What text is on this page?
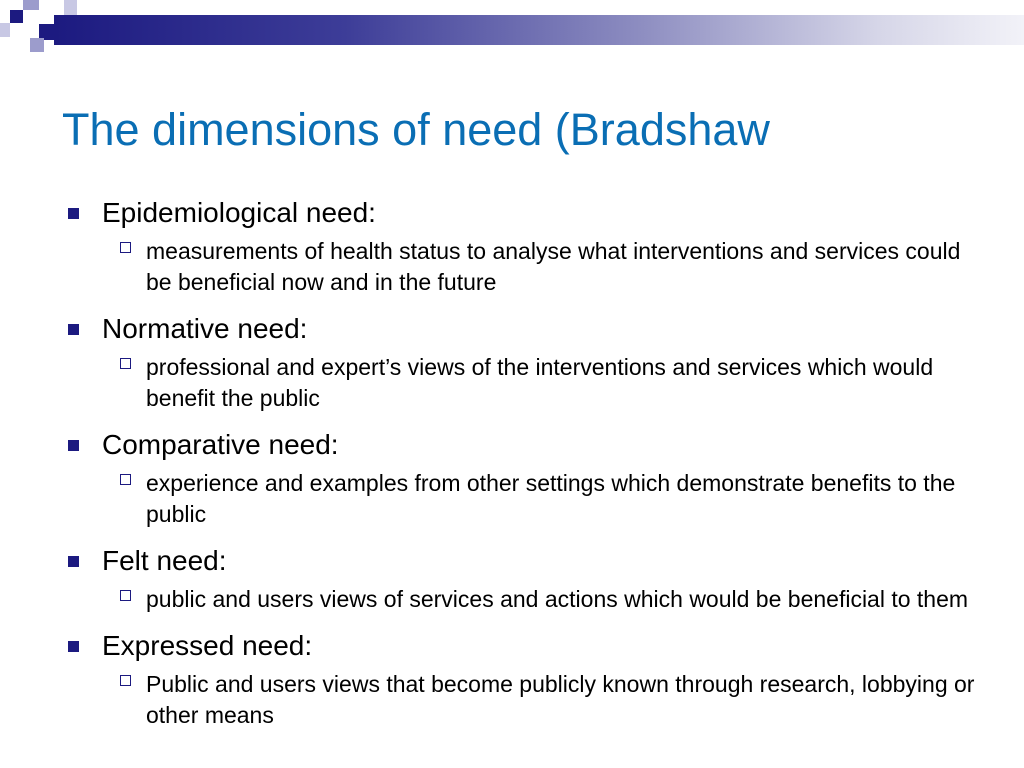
The dimensions of need (Bradshaw
Epidemiological need:
measurements of health status to analyse what interventions and services could be beneficial now and in the future
Normative need:
professional and expert’s views of the interventions and services which would benefit the public
Comparative need:
experience and examples from other settings which demonstrate benefits to the public
Felt need:
public and users views of services and actions which would be beneficial to them
Expressed need:
Public and users views that become publicly known through research, lobbying or other means
